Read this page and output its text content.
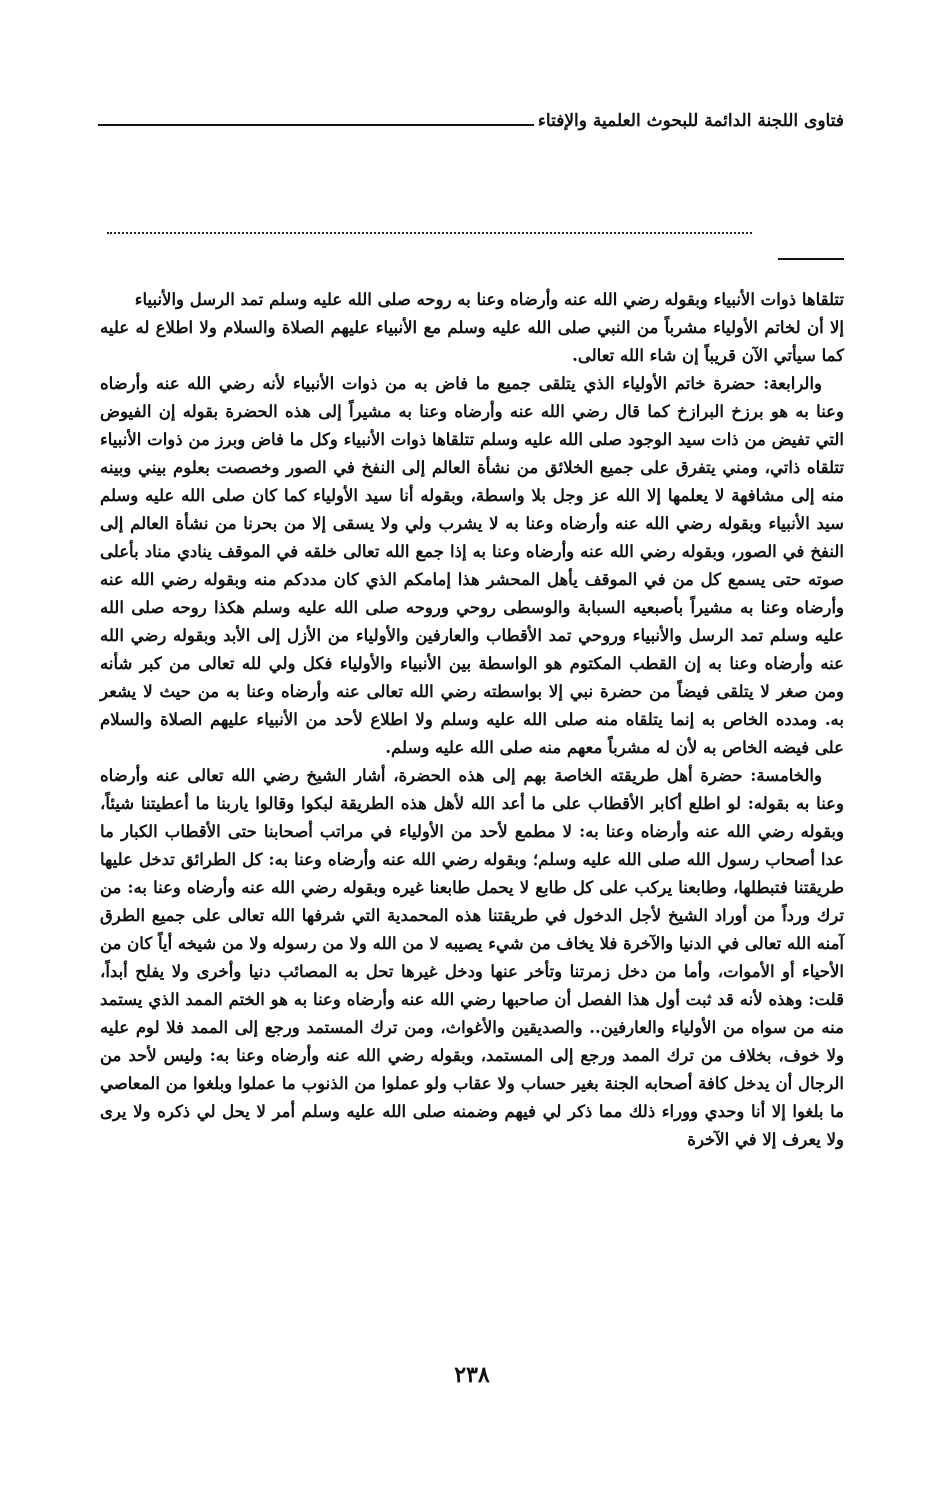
فتاوى اللجنة الدائمة للبحوث العلمية والإفتاء

تتلقاها ذوات الأنبياء وبقوله رضي الله عنه وأرضاه وعنا به روحه صلى الله عليه وسلم تمد الرسل والأنبياء

إلا أن لخاتم الأولياء مشرباً من النبي صلى الله عليه وسلم مع الأنبياء عليهم الصلاة والسلام ولا اطلاع له عليه كما سيأتي الآن قريباً إن شاء الله تعالى.

والرابعة: حضرة خاتم الأولياء الذي يتلقى جميع ما فاض به من ذوات الأنبياء لأنه رضي الله عنه وأرضاه وعنا به هو برزخ البرازخ كما قال رضي الله عنه وأرضاه وعنا به مشيراً إلى هذه الحضرة بقوله إن الفيوض التي تفيض من ذات سيد الوجود صلى الله عليه وسلم تتلقاها ذوات الأنبياء وكل ما فاض وبرز من ذوات الأنبياء تتلقاه ذاتي، ومني يتفرق على جميع الخلائق من نشأة العالم إلى النفخ في الصور وخصصت بعلوم بيني وبينه منه إلى مشافهة لا يعلمها إلا الله عز وجل بلا واسطة، وبقوله أنا سيد الأولياء كما كان صلى الله عليه وسلم سيد الأنبياء وبقوله رضي الله عنه وأرضاه وعنا به لا يشرب ولي ولا يسقى إلا من بحرنا من نشأة العالم إلى النفخ في الصور، وبقوله رضي الله عنه وأرضاه وعنا به إذا جمع الله تعالى خلقه في الموقف ينادي مناد بأعلى صوته حتى يسمع كل من في الموقف يأهل المحشر هذا إمامكم الذي كان مددكم منه وبقوله رضي الله عنه وأرضاه وعنا به مشيراً بأصبعيه السبابة والوسطى روحي وروحه صلى الله عليه وسلم هكذا روحه صلى الله عليه وسلم تمد الرسل والأنبياء وروحي تمد الأقطاب والعارفين والأولياء من الأزل إلى الأبد وبقوله رضي الله عنه وأرضاه وعنا به إن القطب المكتوم هو الواسطة بين الأنبياء والأولياء فكل ولي لله تعالى من كبر شأنه ومن صغر لا يتلقى فيضاً من حضرة نبي إلا بواسطته رضي الله تعالى عنه وأرضاه وعنا به من حيث لا يشعر به. ومدده الخاص به إنما يتلقاه منه صلى الله عليه وسلم ولا اطلاع لأحد من الأنبياء عليهم الصلاة والسلام على فيضه الخاص به لأن له مشرباً معهم منه صلى الله عليه وسلم.

والخامسة: حضرة أهل طريقته الخاصة بهم إلى هذه الحضرة، أشار الشيخ رضي الله تعالى عنه وأرضاه وعنا به بقوله: لو اطلع أكابر الأقطاب على ما أعد الله لأهل هذه الطريقة لبكوا وقالوا ياربنا ما أعطيتنا شيئاً، وبقوله رضي الله عنه وأرضاه وعنا به: لا مطمع لأحد من الأولياء في مراتب أصحابنا حتى الأقطاب الكبار ما عدا أصحاب رسول الله صلى الله عليه وسلم؛ وبقوله رضي الله عنه وأرضاه وعنا به: كل الطرائق تدخل عليها طريقتنا فتبطلها، وطابعنا يركب على كل طابع لا يحمل طابعنا غيره وبقوله رضي الله عنه وأرضاه وعنا به: من ترك ورداً من أوراد الشيخ لأجل الدخول في طريقتنا هذه المحمدية التي شرفها الله تعالى على جميع الطرق آمنه الله تعالى في الدنيا والآخرة فلا يخاف من شيء يصيبه لا من الله ولا من رسوله ولا من شيخه أياً كان من الأحياء أو الأموات، وأما من دخل زمرتنا وتأخر عنها ودخل غيرها تحل به المصائب دنيا وأخرى ولا يفلح أبداً، قلت: وهذه لأنه قد ثبت أول هذا الفصل أن صاحبها رضي الله عنه وأرضاه وعنا به هو الختم الممد الذي يستمد منه من سواه من الأولياء والعارفين.. والصديقين والأغواث، ومن ترك المستمد ورجع إلى الممد فلا لوم عليه ولا خوف، بخلاف من ترك الممد ورجع إلى المستمد، وبقوله رضي الله عنه وأرضاه وعنا به: وليس لأحد من الرجال أن يدخل كافة أصحابه الجنة بغير حساب ولا عقاب ولو عملوا من الذنوب ما عملوا وبلغوا من المعاصي ما بلغوا إلا أنا وحدي ووراء ذلك مما ذكر لي فيهم وضمنه صلى الله عليه وسلم أمر لا يحل لي ذكره ولا يرى ولا يعرف إلا في الآخرة

٢٣٨
